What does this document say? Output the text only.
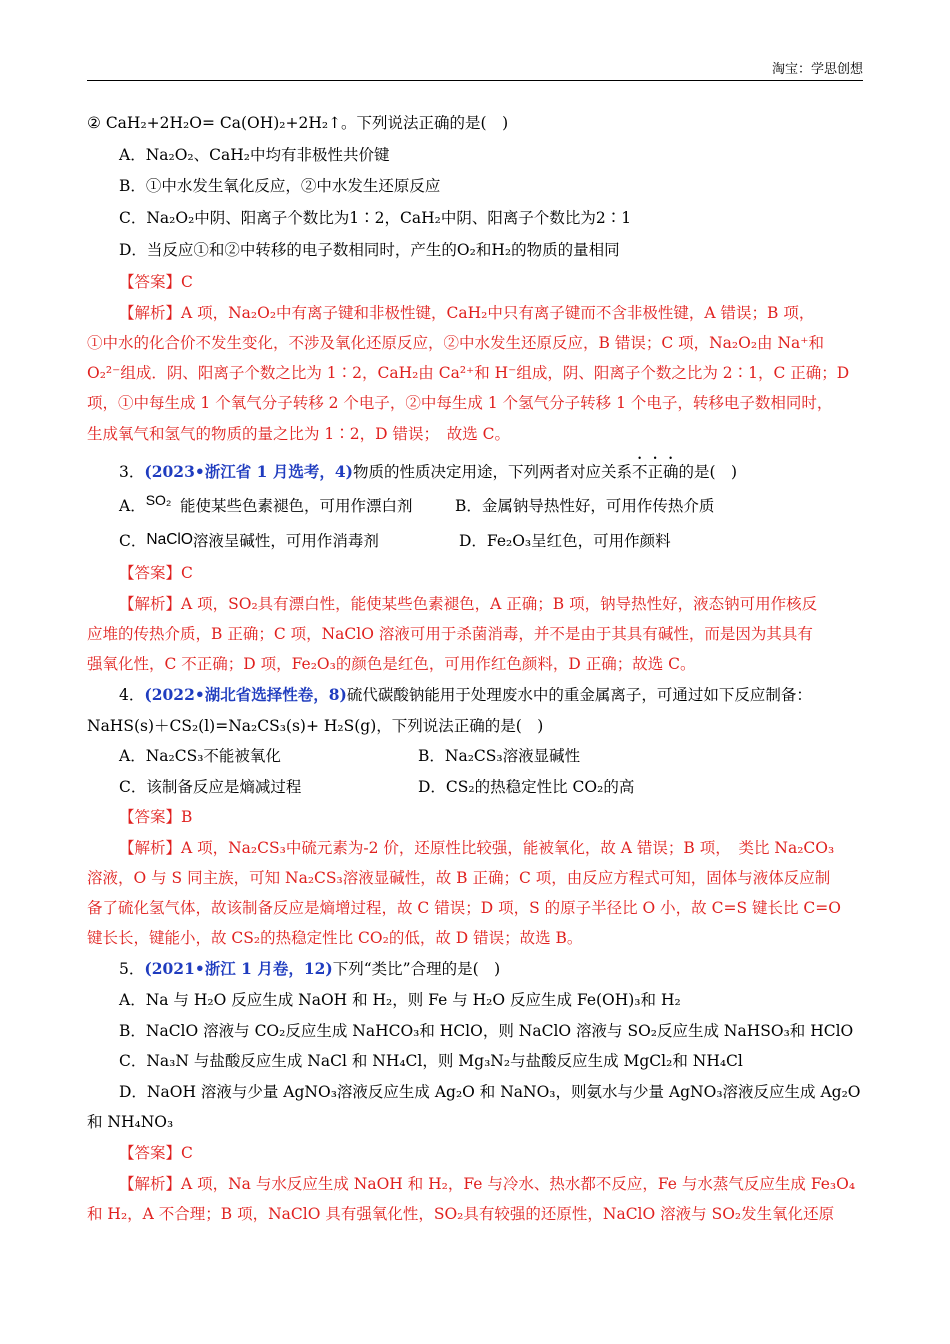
淘宝：学思创想
3．(2023•浙江省 1 月选考，4)物质的性质决定用途，下列两者对应关系不正确的是(　)
A．SO₂	B．金属钠导热性好，可用作传热介质
C．NaClO溶液呈碱性，可用作消毒剂	D．Fe₂O₃呈红色，可用作颜料
4．(2022•湖北省选择性卷，8)硫代碳酸钠能用于处理废水中的重金属离子，可通过如下反应制备：
A．Na₂CS₃不能被氧化	B．Na₂CS₃溶液显碱性
C．该制备反应是熵减过程	D．CS₂的热稳定性比 CO₂的高
5．(2021•浙江 1 月卷，12)下列“类比”合理的是(　)
② CaH₂+2H₂O= Ca(OH)₂+2H₂↑。下列说法正确的是(　)
A．Na₂O₂、CaH₂中均有非极性共价键
B．①中水发生氧化反应，②中水发生还原反应
C．Na₂O₂中阴、阳离子个数比为1∶2，CaH₂中阴、阳离子个数比为2∶1
D．当反应①和②中转移的电子数相同时，产生的O₂和H₂的物质的量相同
【答案】C
【解析】A 项，Na₂O₂中有离子键和非极性键，CaH₂中只有离子键而不含非极性键，A 错误；B 项，
①中水的化合价不发生变化，不涉及氧化还原反应，②中水发生还原反应，B 错误；C 项，Na₂O₂由 Na⁺和
O₂²⁻组成．阴、阳离子个数之比为 1∶2，CaH₂由 Ca²⁺和 H⁻组成，阴、阳离子个数之比为 2∶1，C 正确；D
项，①中每生成 1 个氧气分子转移 2 个电子，②中每生成 1 个氢气分子转移 1 个电子，转移电子数相同时，
生成氧气和氢气的物质的量之比为 1∶2，D 错误；　故选 C。
能使某些色素褪色，可用作漂白剂
【答案】C
【解析】A 项，SO₂具有漂白性，能使某些色素褪色，A 正确；B 项，钠导热性好，液态钠可用作核反
应堆的传热介质，B 正确；C 项，NaClO 溶液可用于杀菌消毒，并不是由于其具有碱性，而是因为其具有
强氧化性，C 不正确；D 项，Fe₂O₃的颜色是红色，可用作红色颜料，D 正确；故选 C。
NaHS(s)＋CS₂(l)=Na₂CS₃(s)+ H₂S(g)，下列说法正确的是(　)
【答案】B
【解析】A 项，Na₂CS₃中硫元素为-2 价，还原性比较强，能被氧化，故 A 错误；B 项，　类比 Na₂CO₃
溶液，O 与 S 同主族，可知 Na₂CS₃溶液显碱性，故 B 正确；C 项，由反应方程式可知，固体与液体反应制
备了硫化氢气体，故该制备反应是熵增过程，故 C 错误；D 项，S 的原子半径比 O 小，故 C=S 键长比 C=O
键长长，键能小，故 CS₂的热稳定性比 CO₂的低，故 D 错误；故选 B。
A．Na 与 H₂O 反应生成 NaOH 和 H₂，则 Fe 与 H₂O 反应生成 Fe(OH)₃和 H₂
B．NaClO 溶液与 CO₂反应生成 NaHCO₃和 HClO，则 NaClO 溶液与 SO₂反应生成 NaHSO₃和 HClO
C．Na₃N 与盐酸反应生成 NaCl 和 NH₄Cl，则 Mg₃N₂与盐酸反应生成 MgCl₂和 NH₄Cl
D．NaOH 溶液与少量 AgNO₃溶液反应生成 Ag₂O 和 NaNO₃，则氨水与少量 AgNO₃溶液反应生成 Ag₂O
和 NH₄NO₃
【答案】C
【解析】A 项，Na 与水反应生成 NaOH 和 H₂，Fe 与冷水、热水都不反应，Fe 与水蒸气反应生成 Fe₃O₄
和 H₂，A 不合理；B 项，NaClO 具有强氧化性，SO₂具有较强的还原性，NaClO 溶液与 SO₂发生氧化还原
